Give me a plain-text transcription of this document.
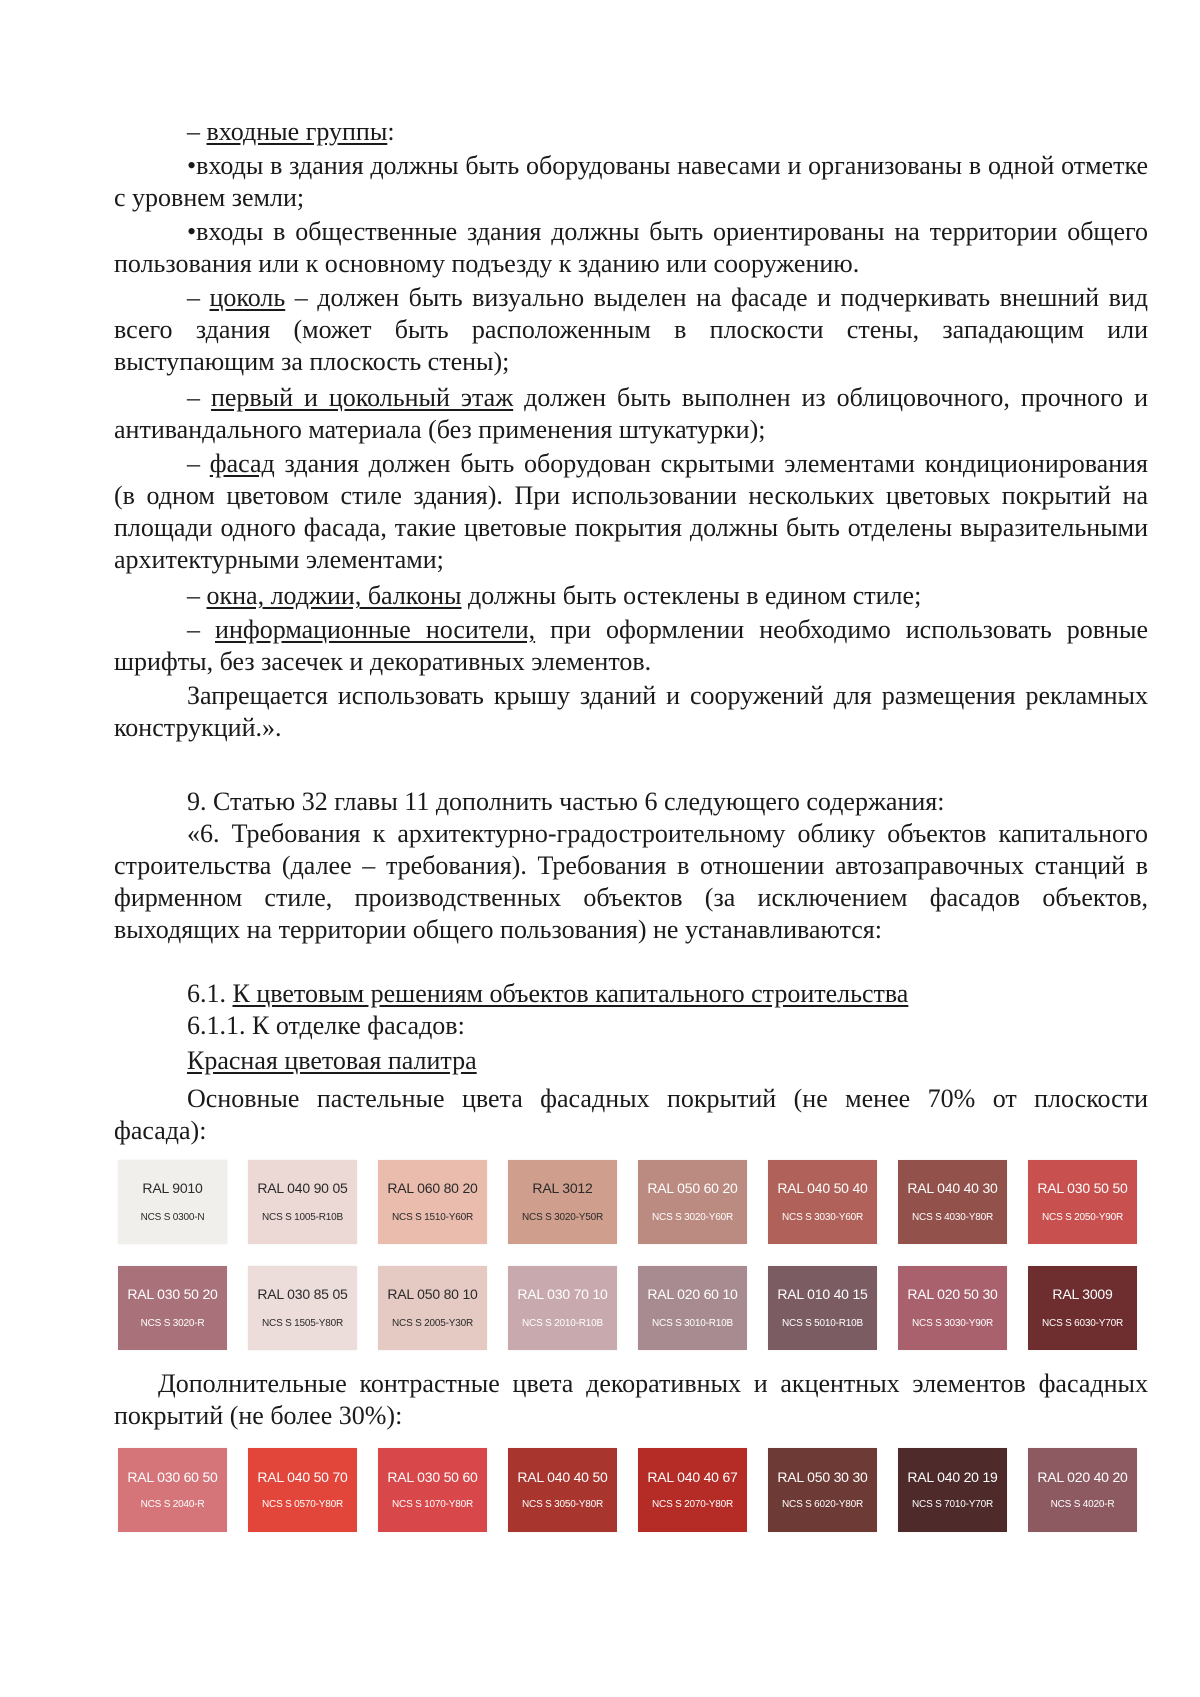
– входные группы:

•входы в здания должны быть оборудованы навесами и организованы в одной отметке с уровнем земли;

•входы в общественные здания должны быть ориентированы на территории общего пользования или к основному подъезду к зданию или сооружению.

– цоколь – должен быть визуально выделен на фасаде и подчеркивать внешний вид всего здания (может быть расположенным в плоскости стены, западающим или выступающим за плоскость стены);

– первый и цокольный этаж должен быть выполнен из облицовочного, прочного и антивандального материала (без применения штукатурки);

– фасад здания должен быть оборудован скрытыми элементами кондиционирования (в одном цветовом стиле здания). При использовании нескольких цветовых покрытий на площади одного фасада, такие цветовые покрытия должны быть отделены выразительными архитектурными элементами;

– окна, лоджии, балконы должны быть остеклены в едином стиле;

– информационные носители, при оформлении необходимо использовать ровные шрифты, без засечек и декоративных элементов.

Запрещается использовать крышу зданий и сооружений для размещения рекламных конструкций.».

9. Статью 32 главы 11 дополнить частью 6 следующего содержания:

«6. Требования к архитектурно-градостроительному облику объектов капитального строительства (далее – требования). Требования в отношении автозаправочных станций в фирменном стиле, производственных объектов (за исключением фасадов объектов, выходящих на территории общего пользования) не устанавливаются:

6.1. К цветовым решениям объектов капитального строительства

6.1.1. К отделке фасадов:

Красная цветовая палитра

Основные пастельные цвета фасадных покрытий (не менее 70% от плоскости фасада):

RAL 9010
NCS S 0300-N
RAL 040 90 05
NCS S 1005-R10B
RAL 060 80 20
NCS S 1510-Y60R
RAL 3012
NCS S 3020-Y50R
RAL 050 60 20
NCS S 3020-Y60R
RAL 040 50 40
NCS S 3030-Y60R
RAL 040 40 30
NCS S 4030-Y80R
RAL 030 50 50
NCS S 2050-Y90R
RAL 030 50 20
NCS S 3020-R
RAL 030 85 05
NCS S 1505-Y80R
RAL 050 80 10
NCS S 2005-Y30R
RAL 030 70 10
NCS S 2010-R10B
RAL 020 60 10
NCS S 3010-R10B
RAL 010 40 15
NCS S 5010-R10B
RAL 020 50 30
NCS S 3030-Y90R
RAL 3009
NCS S 6030-Y70R

Дополнительные контрастные цвета декоративных и акцентных элементов фасадных покрытий (не более 30%):

RAL 030 60 50
NCS S 2040-R
RAL 040 50 70
NCS S 0570-Y80R
RAL 030 50 60
NCS S 1070-Y80R
RAL 040 40 50
NCS S 3050-Y80R
RAL 040 40 67
NCS S 2070-Y80R
RAL 050 30 30
NCS S 6020-Y80R
RAL 040 20 19
NCS S 7010-Y70R
RAL 020 40 20
NCS S 4020-R
